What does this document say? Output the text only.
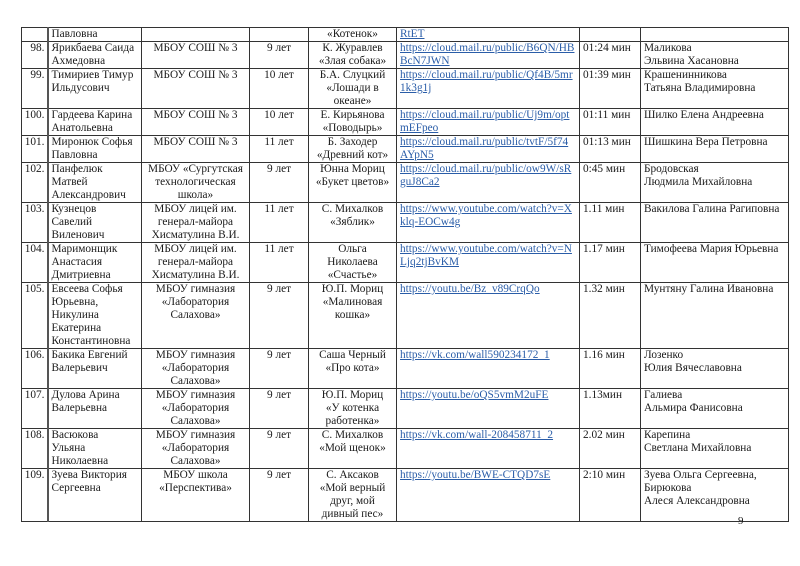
	Павловна			«Котенок»	RtET		

98.	Ярикбаева Саида
Ахмедовна	МБОУ СОШ № 3	9 лет	К. Журавлев
«Злая собака»	https://cloud.mail.ru/public/B6QN/HBBcN7JWN	01:24 мин	Маликова
Эльвина Хасановна

99.	Тимириев Тимур
Ильдусович	МБОУ СОШ № 3	10 лет	Б.А. Слуцкий
«Лошади в
океане»	https://cloud.mail.ru/public/Qf4B/5mr1k3g1j	01:39 мин	Крашенинникова
Татьяна Владимировна

100.	Гардеева Карина
Анатольевна	МБОУ СОШ № 3	10 лет	Е. Кирьянова
«Поводырь»	https://cloud.mail.ru/public/Uj9m/optmEFpeo	01:11 мин	Шилко Елена Андреевна

101.	Миронюк Софья
Павловна	МБОУ СОШ № 3	11 лет	Б. Заходер
«Древний кот»	https://cloud.mail.ru/public/tvtF/5f74AYpN5	01:13 мин	Шишкина Вера Петровна

102.	Панфелюк
Матвей
Александрович	МБОУ «Сургутская
технологическая
школа»	9 лет	Юнна Мориц
«Букет цветов»	https://cloud.mail.ru/public/ow9W/sRguJ8Ca2	0:45 мин	Бродовская
Людмила Михайловна

103.	Кузнецов
Савелий
Виленович	МБОУ лицей им.
генерал-майора
Хисматулина В.И.	11 лет	С. Михалков
«Зяблик»	https://www.youtube.com/watch?v=Xklq-EOCw4g	1.11 мин	Вакилова Галина Рагиповна

104.	Маримонщик
Анастасия
Дмитриевна	МБОУ лицей им.
генерал-майора
Хисматулина В.И.	11 лет	Ольга Николаева
«Счастье»	https://www.youtube.com/watch?v=NLjq2tjBvKM	1.17 мин	Тимофеева Мария Юрьевна

105.	Евсеева Софья
Юрьевна,
Никулина
Екатерина
Константиновна	МБОУ гимназия
«Лаборатория
Салахова»	9 лет	Ю.П. Мориц
«Малиновая
кошка»	https://youtu.be/Bz_v89CrqQo	1.32 мин	Мунтяну Галина Ивановна

106.	Бакика Евгений
Валерьевич	МБОУ гимназия
«Лаборатория
Салахова»	9 лет	Саша Черный
«Про кота»	https://vk.com/wall590234172_1	1.16 мин	Лозенко
Юлия Вячеславовна

107.	Дулова Арина
Валерьевна	МБОУ гимназия
«Лаборатория
Салахова»	9 лет	Ю.П. Мориц
«У котенка
работенка»	https://youtu.be/oQS5vmM2uFE	1.13мин	Галиева
Альмира Фанисовна

108.	Васюкова
Ульяна
Николаевна	МБОУ гимназия
«Лаборатория
Салахова»	9 лет	С. Михалков
«Мой щенок»	https://vk.com/wall-208458711_2	2.02 мин	Карепина
Светлана Михайловна

109.	Зуева Виктория
Сергеевна	МБОУ школа
«Перспектива»	9 лет	С. Аксаков
«Мой верный
друг, мой
дивный пес»	https://youtu.be/BWE-CTQD7sE	2:10 мин	Зуева Ольга Сергеевна,
Бирюкова
Алеся Александровна
9
